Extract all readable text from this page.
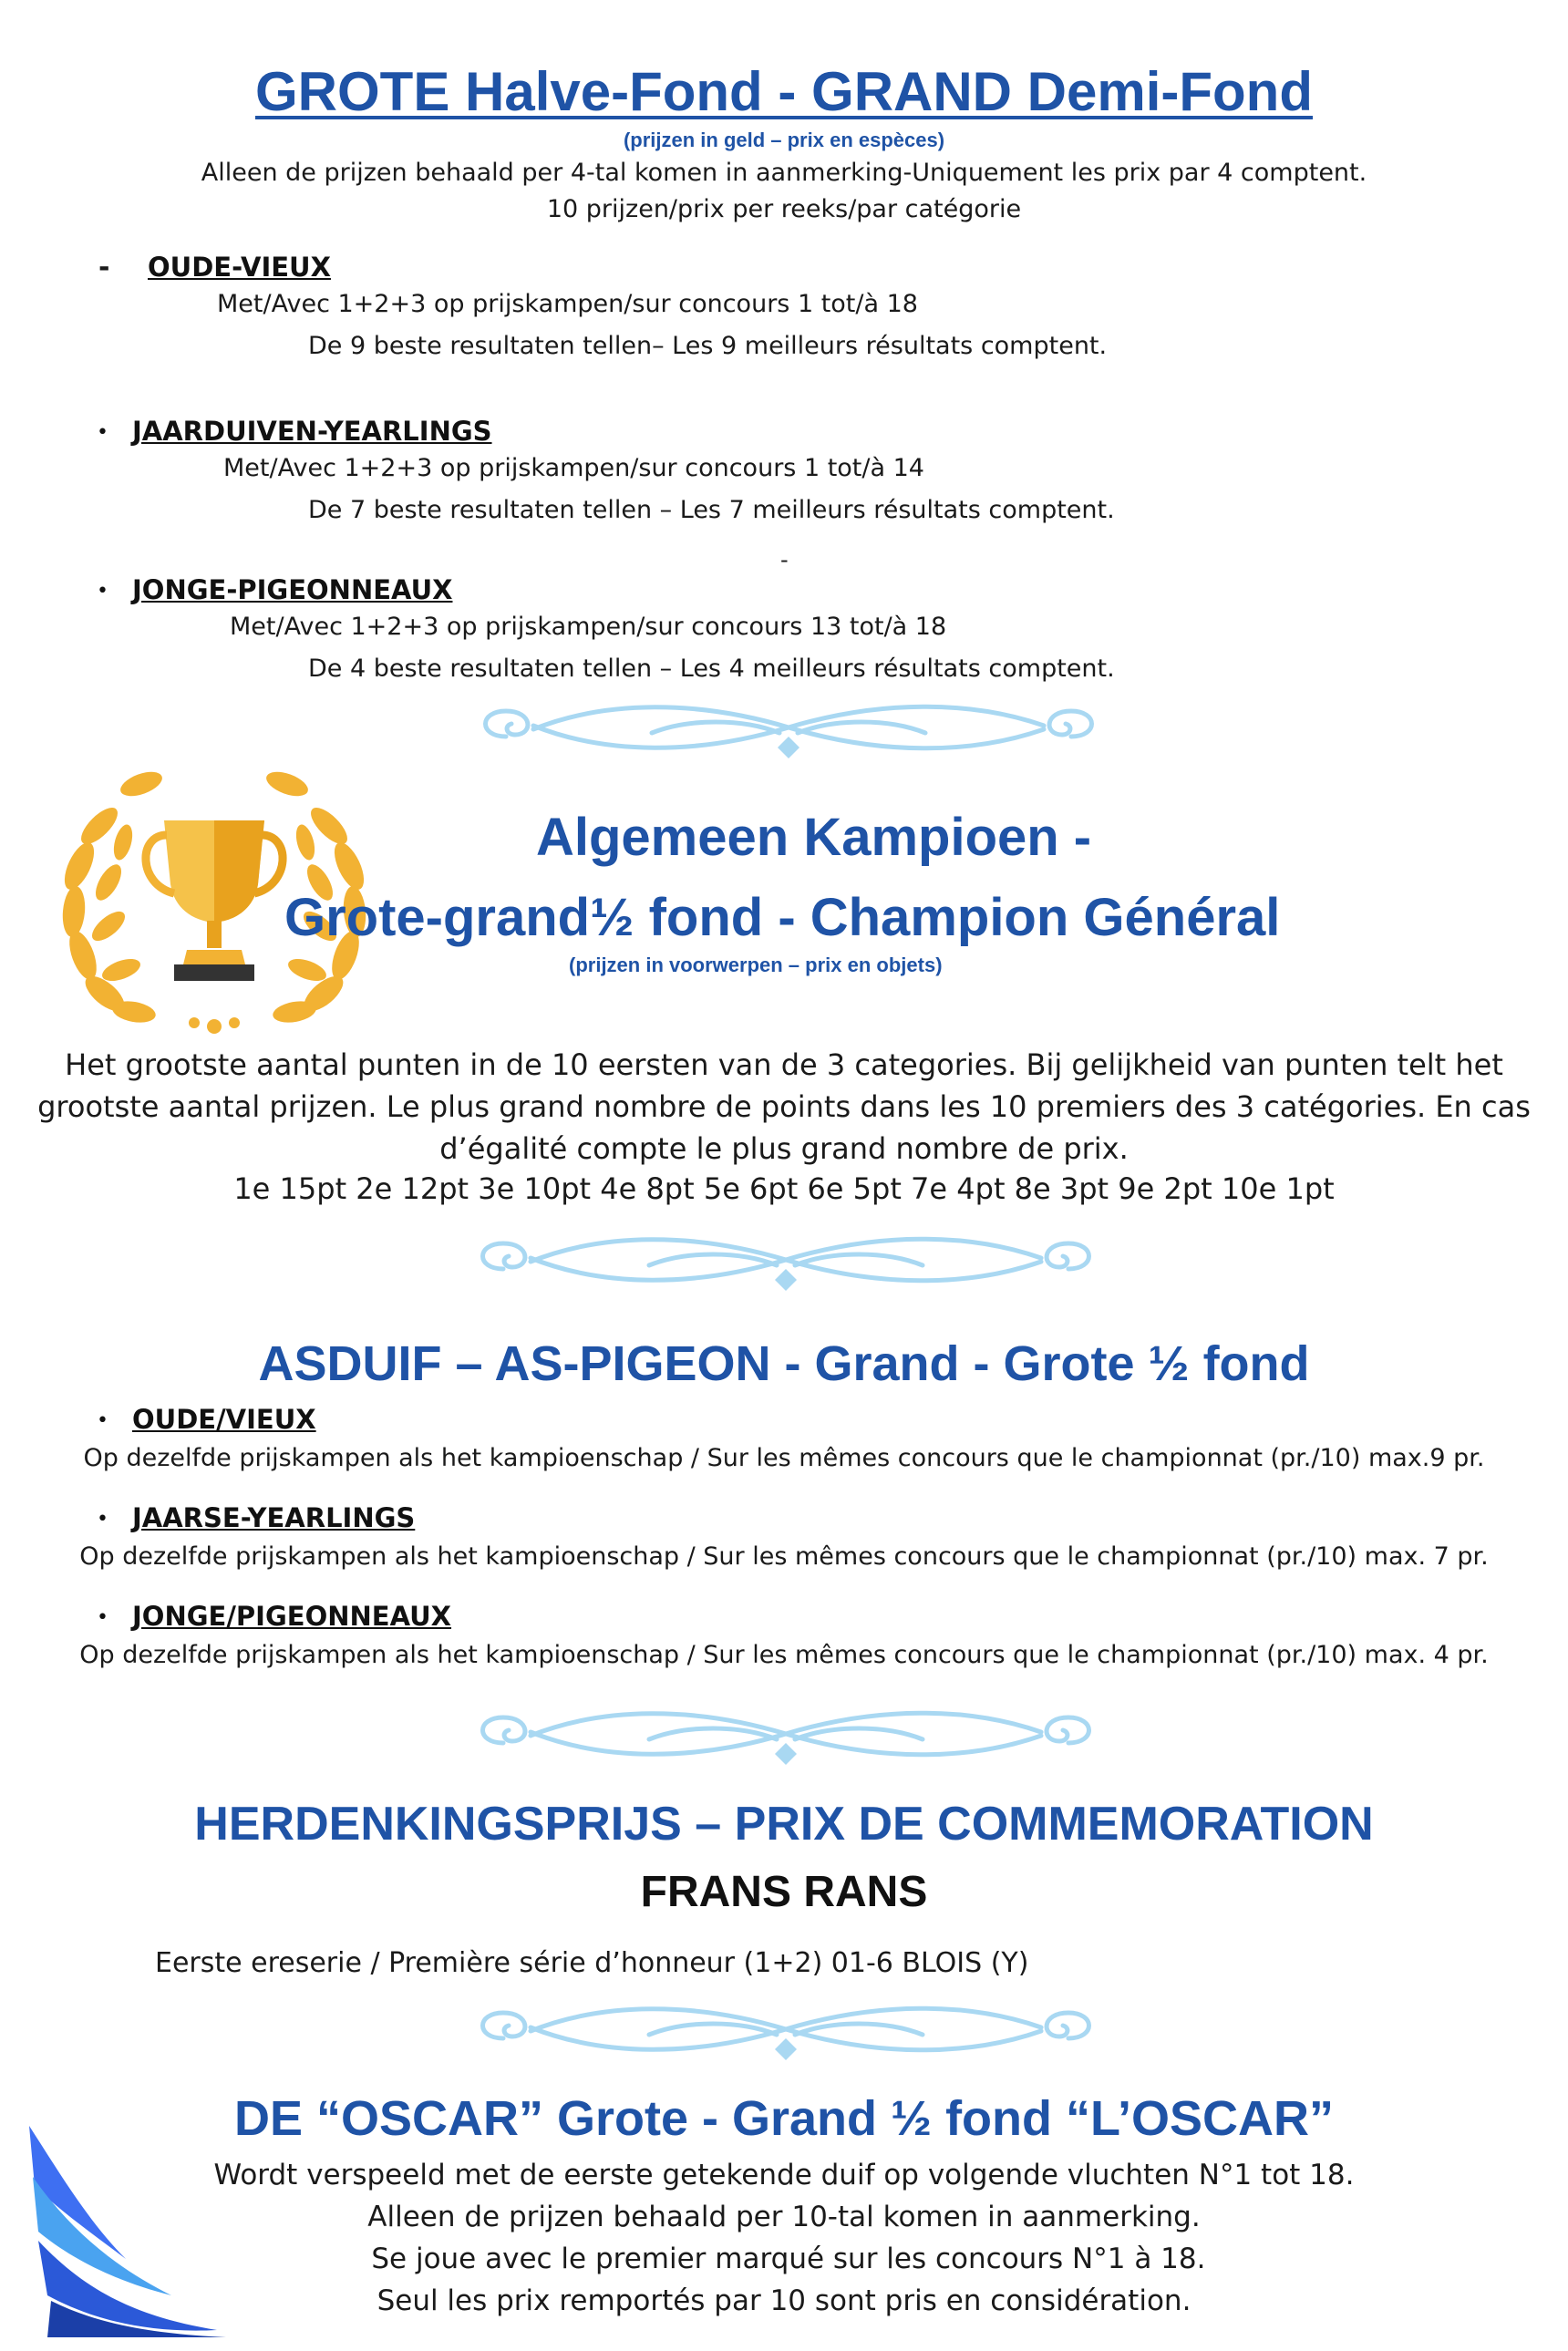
GROTE Halve-Fond - GRAND Demi-Fond
(prijzen in geld – prix en espèces)
Alleen de prijzen behaald per 4-tal komen in aanmerking-Uniquement les prix par 4 comptent.
10 prijzen/prix per reeks/par catégorie
- OUDE-VIEUX
Met/Avec 1+2+3 op prijskampen/sur concours 1 tot/à 18
De 9 beste resultaten tellen– Les 9 meilleurs résultats comptent.
• JAARDUIVEN-YEARLINGS
Met/Avec 1+2+3 op prijskampen/sur concours 1 tot/à 14
De 7 beste resultaten tellen – Les 7 meilleurs résultats comptent.
-
• JONGE-PIGEONNEAUX
Met/Avec 1+2+3 op prijskampen/sur concours 13 tot/à 18
De 4 beste resultaten tellen – Les 4 meilleurs résultats comptent.
Algemeen Kampioen -
Grote-grand½ fond - Champion Général
(prijzen in voorwerpen – prix en objets)
Het grootste aantal punten in de 10 eersten van de 3 categories. Bij gelijkheid van punten telt het
grootste aantal prijzen. Le plus grand nombre de points dans les 10 premiers des 3 catégories. En cas
d’égalité compte le plus grand nombre de prix.
1e 15pt 2e 12pt 3e 10pt 4e 8pt 5e 6pt 6e 5pt 7e 4pt 8e 3pt 9e 2pt 10e 1pt
ASDUIF – AS-PIGEON - Grand - Grote ½ fond
• OUDE/VIEUX
Op dezelfde prijskampen als het kampioenschap / Sur les mêmes concours que le championnat (pr./10) max.9 pr.
• JAARSE-YEARLINGS
Op dezelfde prijskampen als het kampioenschap / Sur les mêmes concours que le championnat (pr./10) max. 7 pr.
• JONGE/PIGEONNEAUX
Op dezelfde prijskampen als het kampioenschap / Sur les mêmes concours que le championnat (pr./10) max. 4 pr.
HERDENKINGSPRIJS – PRIX DE COMMEMORATION
FRANS RANS
Eerste ereserie / Première série d’honneur (1+2) 01-6 BLOIS (Y)
DE “OSCAR” Grote - Grand ½ fond “L’OSCAR”
Wordt verspeeld met de eerste getekende duif op volgende vluchten N°1 tot 18.
Alleen de prijzen behaald per 10-tal komen in aanmerking.
Se joue avec le premier marqué sur les concours N°1 à 18.
Seul les prix remportés par 10 sont pris en considération.
